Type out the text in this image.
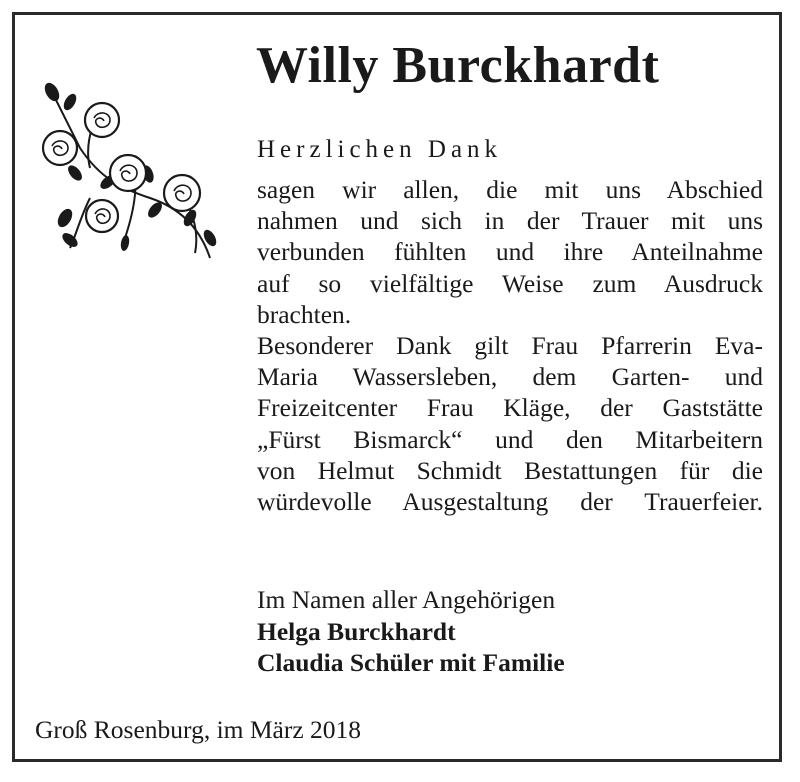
Willy Burckhardt
Herzlichen Dank
sagen wir allen, die mit uns Abschied
nahmen und sich in der Trauer mit uns
verbunden fühlten und ihre Anteilnahme
auf so vielfältige Weise zum Ausdruck
brachten.
Besonderer Dank gilt Frau Pfarrerin Eva-
Maria Wassersleben, dem Garten- und
Freizeitcenter Frau Kläge, der Gaststätte
„Fürst Bismarck“ und den Mitarbeitern
von Helmut Schmidt Bestattungen für die
würdevolle Ausgestaltung der Trauerfeier.
Im Namen aller Angehörigen
Helga Burckhardt
Claudia Schüler mit Familie
Groß Rosenburg, im März 2018
